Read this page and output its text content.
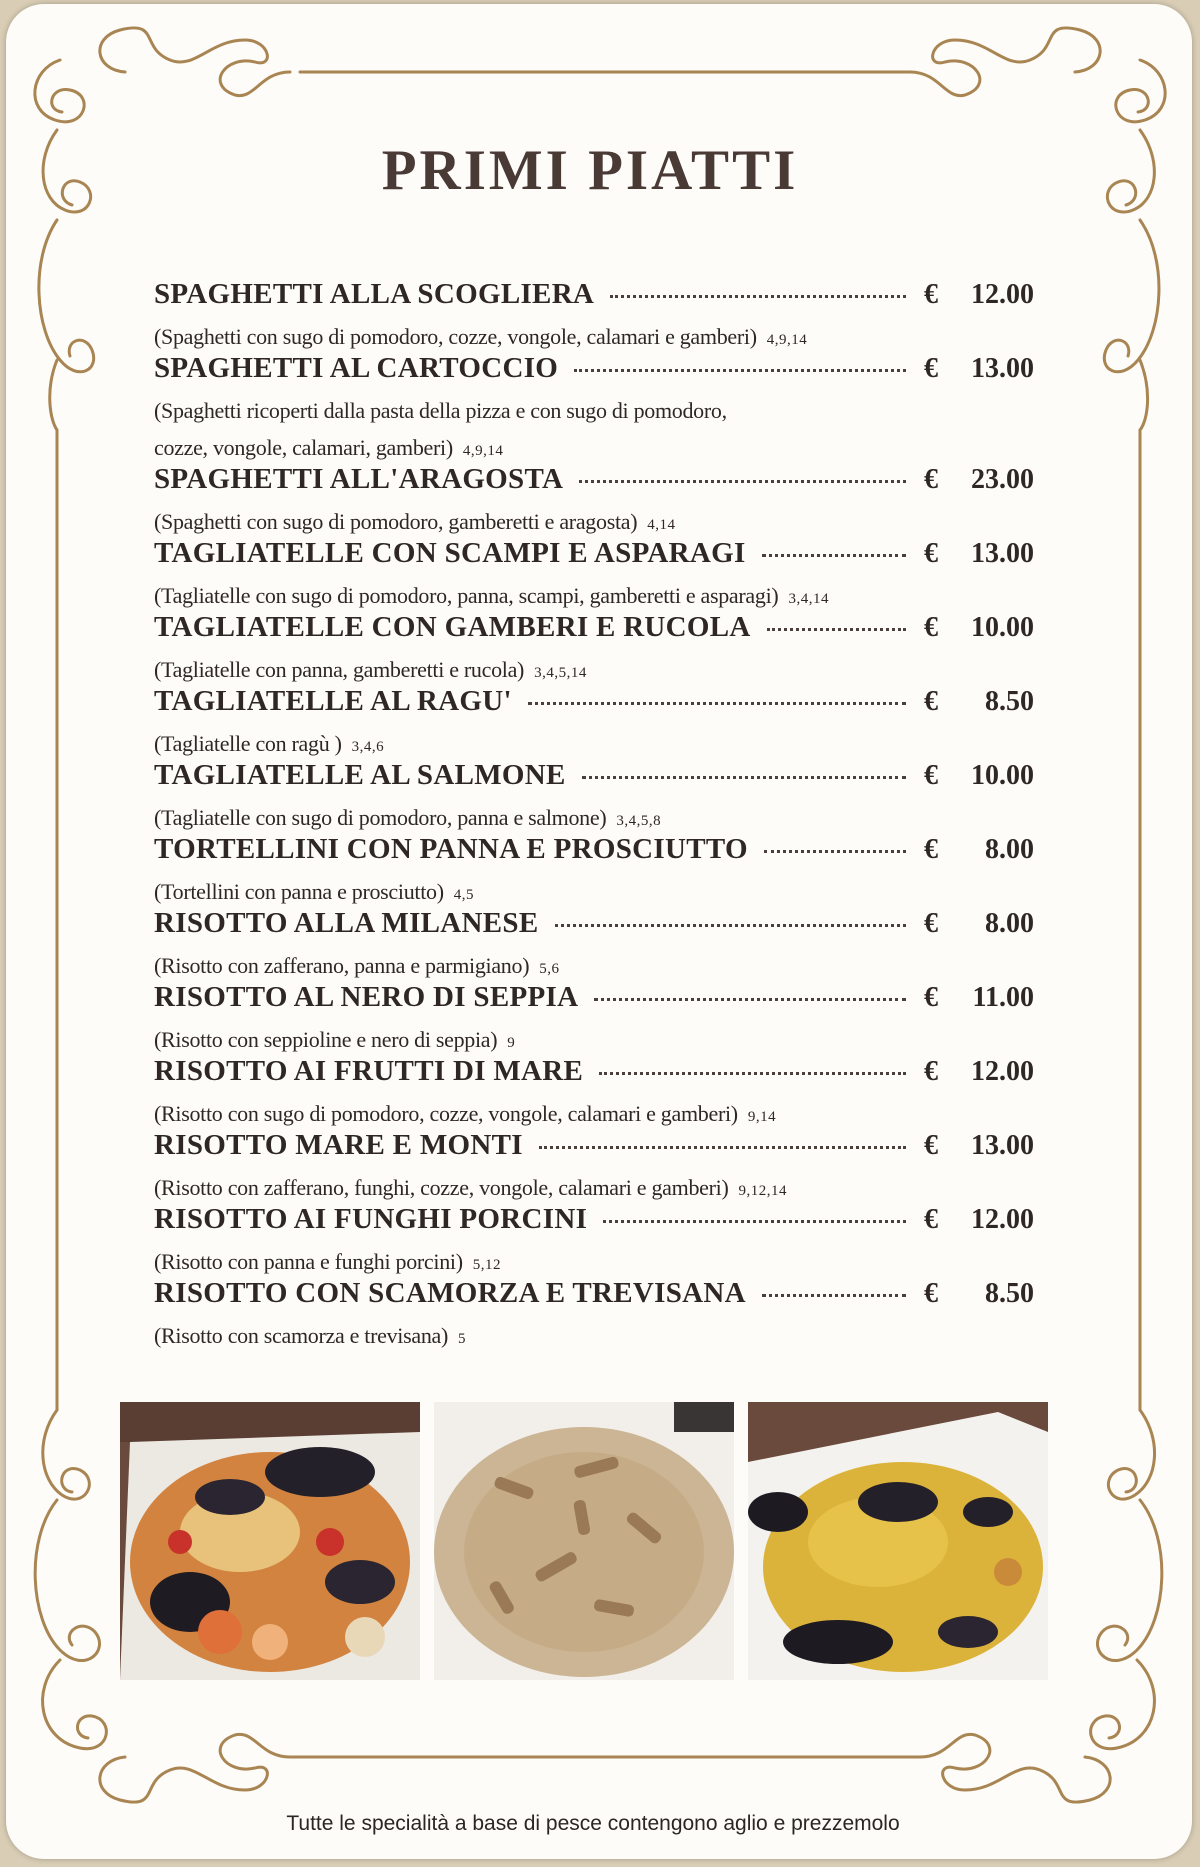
PRIMI PIATTI
SPAGHETTI ALLA SCOGLIERA	€ 12.00
(Spaghetti con sugo di pomodoro, cozze, vongole, calamari e gamberi) 4,9,14
SPAGHETTI AL CARTOCCIO	€ 13.00
(Spaghetti ricoperti dalla pasta della pizza e con sugo di pomodoro,
cozze, vongole, calamari, gamberi) 4,9,14
SPAGHETTI ALL'ARAGOSTA	€ 23.00
(Spaghetti con sugo di pomodoro, gamberetti e aragosta) 4,14
TAGLIATELLE CON SCAMPI E ASPARAGI	€ 13.00
(Tagliatelle con sugo di pomodoro, panna, scampi, gamberetti e asparagi) 3,4,14
TAGLIATELLE CON GAMBERI E RUCOLA	€ 10.00
(Tagliatelle con panna, gamberetti e rucola) 3,4,5,14
TAGLIATELLE AL RAGU'	€ 8.50
(Tagliatelle con ragù ) 3,4,6
TAGLIATELLE AL SALMONE	€ 10.00
(Tagliatelle con sugo di pomodoro, panna e salmone) 3,4,5,8
TORTELLINI CON PANNA E PROSCIUTTO	€ 8.00
(Tortellini con panna e prosciutto) 4,5
RISOTTO ALLA MILANESE	€ 8.00
(Risotto con zafferano, panna e parmigiano) 5,6
RISOTTO AL NERO DI SEPPIA	€ 11.00
(Risotto con seppioline e nero di seppia) 9
RISOTTO AI FRUTTI DI MARE	€ 12.00
(Risotto con sugo di pomodoro, cozze, vongole, calamari e gamberi) 9,14
RISOTTO MARE E MONTI	€ 13.00
(Risotto con zafferano, funghi, cozze, vongole, calamari e gamberi) 9,12,14
RISOTTO AI FUNGHI PORCINI	€ 12.00
(Risotto con panna e funghi porcini) 5,12
RISOTTO CON SCAMORZA E TREVISANA	€ 8.50
(Risotto con scamorza e trevisana) 5
Tutte le specialità a base di pesce contengono aglio e prezzemolo
